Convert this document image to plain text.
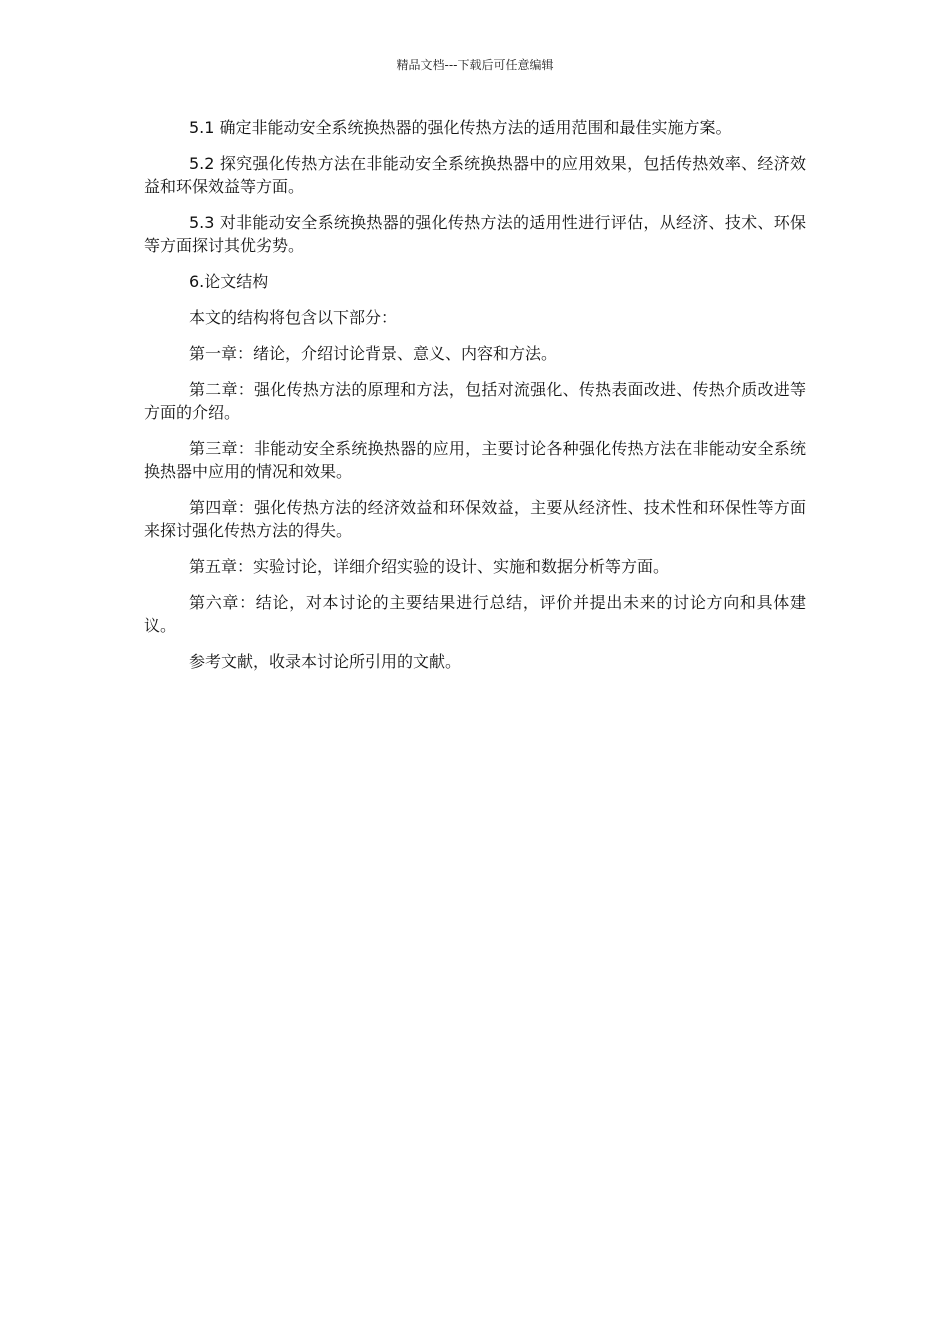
精品文档---下载后可任意编辑

5.1 确定非能动安全系统换热器的强化传热方法的适用范围和最佳实施方案。

5.2 探究强化传热方法在非能动安全系统换热器中的应用效果，包括传热效率、经济效益和环保效益等方面。

5.3 对非能动安全系统换热器的强化传热方法的适用性进行评估，从经济、技术、环保等方面探讨其优劣势。

6.论文结构

本文的结构将包含以下部分：

第一章：绪论，介绍讨论背景、意义、内容和方法。

第二章：强化传热方法的原理和方法，包括对流强化、传热表面改进、传热介质改进等方面的介绍。

第三章：非能动安全系统换热器的应用，主要讨论各种强化传热方法在非能动安全系统换热器中应用的情况和效果。

第四章：强化传热方法的经济效益和环保效益，主要从经济性、技术性和环保性等方面来探讨强化传热方法的得失。

第五章：实验讨论，详细介绍实验的设计、实施和数据分析等方面。

第六章：结论，对本讨论的主要结果进行总结，评价并提出未来的讨论方向和具体建议。

参考文献，收录本讨论所引用的文献。
